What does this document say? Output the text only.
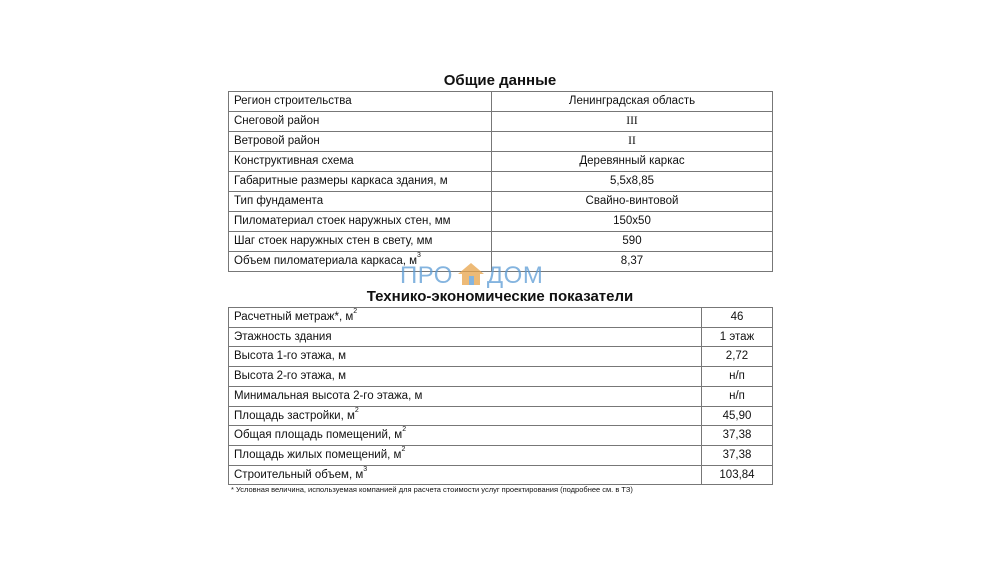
Общие данные
Регион строительства	Ленинградская область
Снеговой район	III
Ветровой район	II
Конструктивная схема	Деревянный каркас
Габаритные размеры каркаса здания, м	5,5х8,85
Тип фундамента	Свайно-винтовой
Пиломатериал стоек наружных стен, мм	150х50
Шаг стоек наружных стен в свету, мм	590
Объем пиломатериала каркаса, $м^3$	8,37
ПРО ДОМ
Технико-экономические показатели
Расчетный метраж*, $м^2$	46
Этажность здания	1 этаж
Высота 1-го этажа, м	2,72
Высота 2-го этажа, м	н/п
Минимальная высота 2-го этажа, м	н/п
Площадь застройки, $м^2$	45,90
Общая площадь помещений, $м^2$	37,38
Площадь жилых помещений, $м^2$	37,38
Строительный объем, $м^3$	103,84
* Условная величина, используемая компанией для расчета стоимости услуг проектирования (подробнее см. в ТЗ)
